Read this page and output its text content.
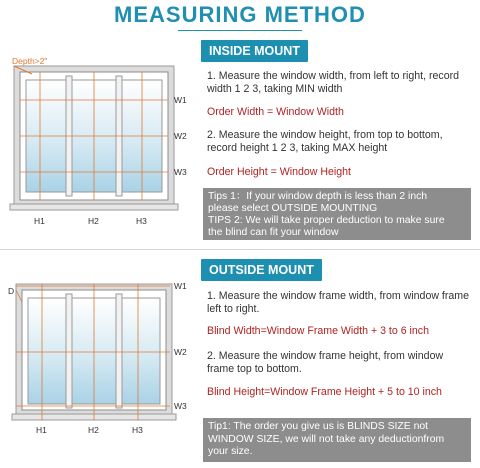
MEASURING METHOD
Depth>2"
W1
W2
W3
H1	H2	H3
INSIDE MOUNT
1. Measure the window width, from left to right, record width 1 2 3, taking MIN width
Order Width = Window Width
2. Measure the window height, from top to bottom, record height 1 2 3, taking MAX height
Order Height = Window Height
Tips 1：If your window depth is less than 2 inch
please select OUTSIDE MOUNTING
TIPS 2: We will take proper deduction to make sure
the blind can fit your window
D	W1
W2
W3
H1	H2	H3
OUTSIDE MOUNT
1. Measure the window frame width, from window frame left to right.
Blind Width=Window Frame Width + 3 to 6 inch
2. Measure the window frame height, from window frame top to bottom.
Blind Height=Window Frame Height + 5 to 10 inch
Tip1: The order you give us is BLINDS SIZE not WINDOW SIZE, we will not take any deductionfrom your size.
